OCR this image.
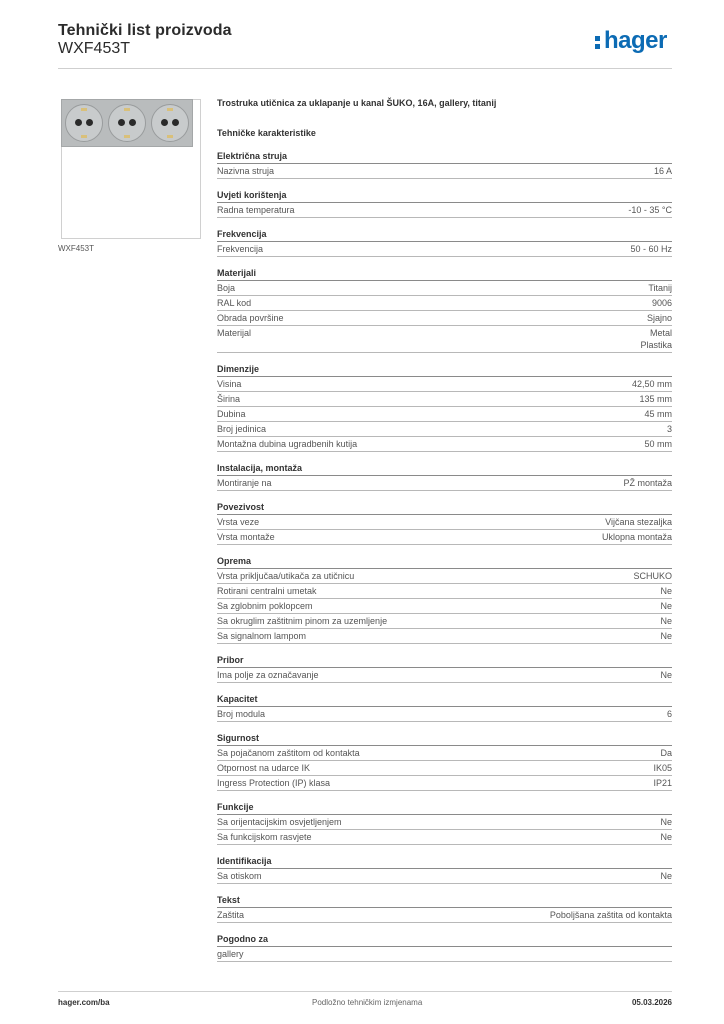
Tehnički list proizvoda
WXF453T	hager
WXF453T
Trostruka utičnica za uklapanje u kanal ŠUKO, 16A, gallery, titanij
Tehničke karakteristike
Električna struja
Nazivna struja	16 A
Uvjeti korištenja
Radna temperatura	-10 - 35 °C
Frekvencija
Frekvencija	50 - 60 Hz
Materijali
Boja	Titanij
RAL kod	9006
Obrada površine	Sjajno
Materijal	Metal
Plastika
Dimenzije
Visina	42,50 mm
Širina	135 mm
Dubina	45 mm
Broj jedinica	3
Montažna dubina ugradbenih kutija	50 mm
Instalacija, montaža
Montiranje na	PŽ montaža
Povezivost
Vrsta veze	Vijčana stezaljka
Vrsta montaže	Uklopna montaža
Oprema
Vrsta priključaa/utikača za utičnicu	SCHUKO
Rotirani centralni umetak	Ne
Sa zglobnim poklopcem	Ne
Sa okruglim zaštitnim pinom za uzemljenje	Ne
Sa signalnom lampom	Ne
Pribor
Ima polje za označavanje	Ne
Kapacitet
Broj modula	6
Sigurnost
Sa pojačanom zaštitom od kontakta	Da
Otpornost na udarce IK	IK05
Ingress Protection (IP) klasa	IP21
Funkcije
Sa orijentacijskim osvjetljenjem	Ne
Sa funkcijskom rasvjete	Ne
Identifikacija
Sa otiskom	Ne
Tekst
Zaštita	Poboljšana zaštita od kontakta
Pogodno za
gallery
hager.com/ba	Podložno tehničkim izmjenama	05.03.2026
